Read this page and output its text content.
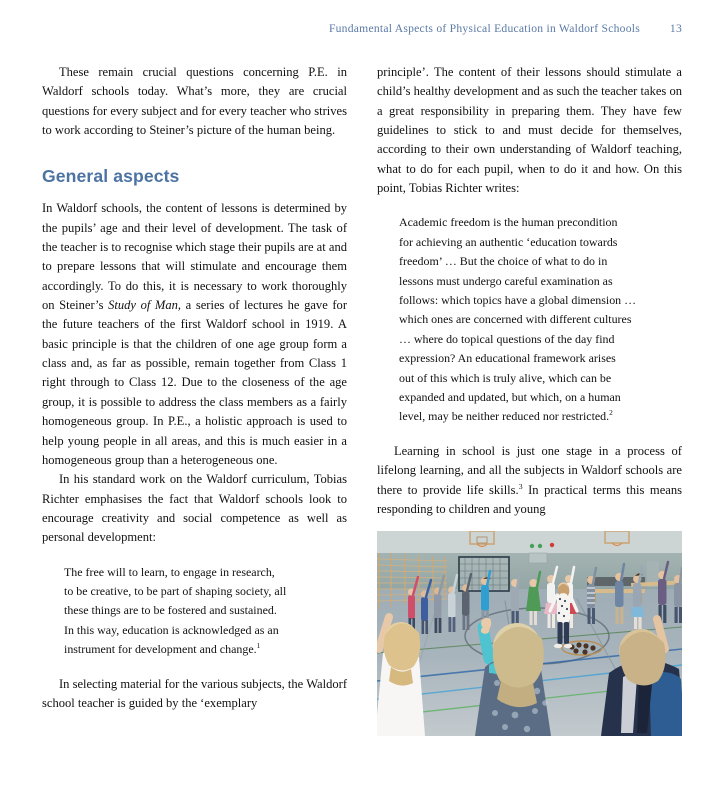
Fundamental Aspects of Physical Education in Waldorf Schools	13

These remain crucial questions concerning P.E. in Waldorf schools today. What’s more, they are crucial questions for every subject and for every teacher who strives to work according to Steiner’s picture of the human being.

General aspects

In Waldorf schools, the content of lessons is determined by the pupils’ age and their level of development. The task of the teacher is to recognise which stage their pupils are at and to prepare lessons that will stimulate and encourage them accordingly. To do this, it is necessary to work thoroughly on Steiner’s Study of Man, a series of lectures he gave for the future teachers of the first Waldorf school in 1919. A basic principle is that the children of one age group form a class and, as far as possible, remain together from Class 1 right through to Class 12. Due to the closeness of the age group, it is possible to address the class members as a fairly homogeneous group. In P.E., a holistic approach is used to help young people in all areas, and this is much easier in a homogeneous group than a heterogeneous one.

In his standard work on the Waldorf curriculum, Tobias Richter emphasises the fact that Waldorf schools look to encourage creativity and social competence as well as personal development:

The free will to learn, to engage in research,
to be creative, to be part of shaping society, all
these things are to be fostered and sustained.
In this way, education is acknowledged as an
instrument for development and change.$^1$

In selecting material for the various subjects, the Waldorf school teacher is guided by the ‘exemplary

principle’. The content of their lessons should stimulate a child’s healthy development and as such the teacher takes on a great responsibility in preparing them. They have few guidelines to stick to and must decide for themselves, according to their own understanding of Waldorf teaching, what to do for each pupil, when to do it and how. On this point, Tobias Richter writes:

Academic freedom is the human precondition
for achieving an authentic ‘education towards
freedom’ … But the choice of what to do in
lessons must undergo careful examination as
follows: which topics have a global dimension …
which ones are concerned with different cultures
… where do topical questions of the day find
expression? An educational framework arises
out of this which is truly alive, which can be
expanded and updated, but which, on a human
level, may be neither reduced nor restricted.$^2$

Learning in school is just one stage in a process of lifelong learning, and all the subjects in Waldorf schools are there to provide life skills.$^3$ In practical terms this means responding to children and young
